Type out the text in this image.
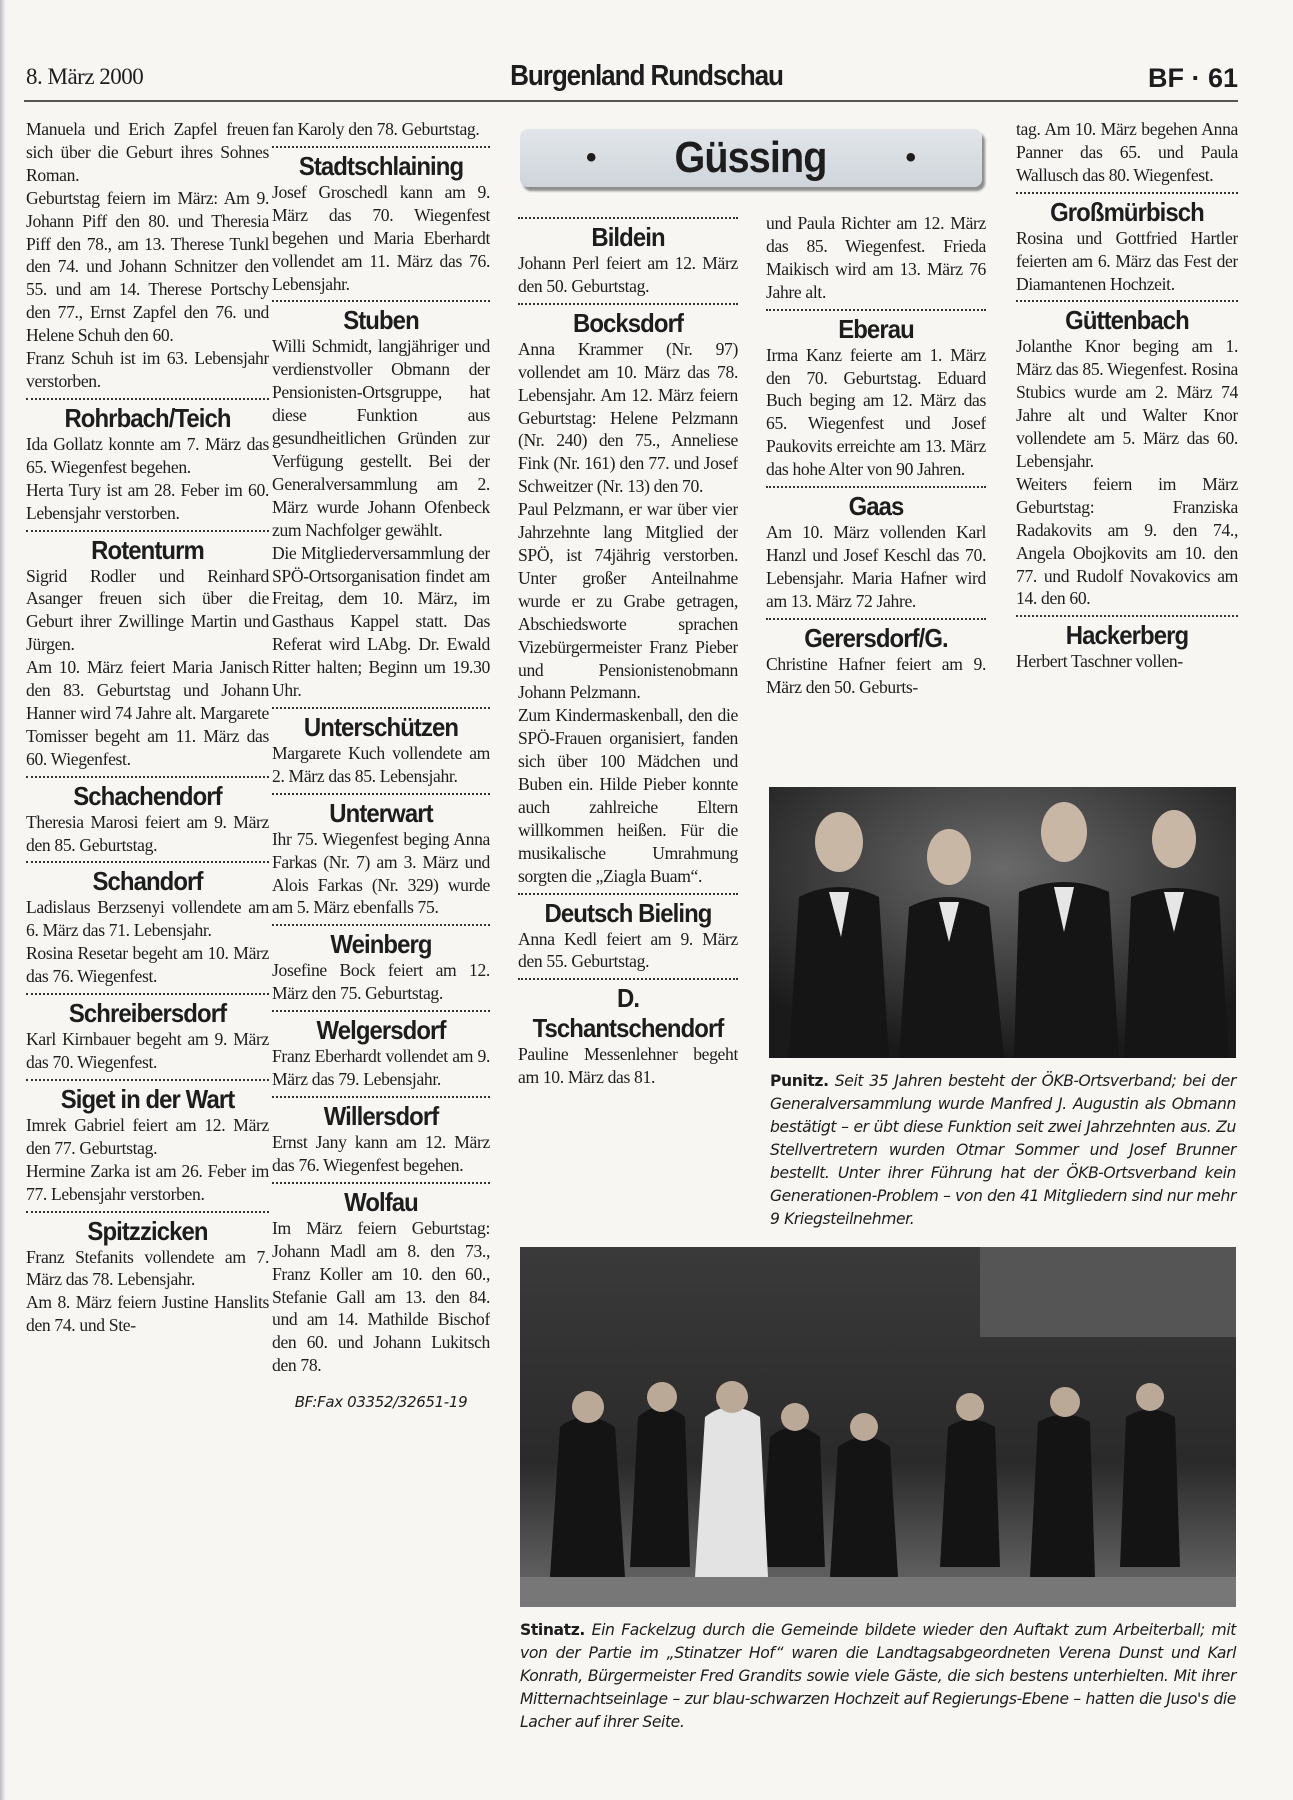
8. März 2000	Burgenland Rundschau	BF · 61
• Güssing	•

Manuela und Erich Zapfel freuen sich über die Geburt ihres Sohnes Roman.

Geburtstag feiern im März: Am 9. Johann Piff den 80. und Theresia Piff den 78., am 13. Therese Tunkl den 74. und Johann Schnitzer den 55. und am 14. Therese Portschy den 77., Ernst Zapfel den 76. und Helene Schuh den 60.

Franz Schuh ist im 63. Lebensjahr verstorben.

Rohrbach/Teich

Ida Gollatz konnte am 7. März das 65. Wiegenfest begehen.

Herta Tury ist am 28. Feber im 60. Lebensjahr verstorben.

Rotenturm

Sigrid Rodler und Reinhard Asanger freuen sich über die Geburt ihrer Zwillinge Martin und Jürgen.

Am 10. März feiert Maria Janisch den 83. Geburtstag und Johann Hanner wird 74 Jahre alt. Margarete Tomisser begeht am 11. März das 60. Wiegenfest.

Schachendorf

Theresia Marosi feiert am 9. März den 85. Geburtstag.

Schandorf

Ladislaus Berzsenyi vollendete am 6. März das 71. Lebensjahr.

Rosina Resetar begeht am 10. März das 76. Wiegenfest.

Schreibersdorf

Karl Kirnbauer begeht am 9. März das 70. Wiegenfest.

Siget in der Wart

Imrek Gabriel feiert am 12. März den 77. Geburtstag.

Hermine Zarka ist am 26. Feber im 77. Lebensjahr verstorben.

Spitzzicken

Franz Stefanits vollendete am 7. März das 78. Lebensjahr.

Am 8. März feiern Justine Hanslits den 74. und Ste-

fan Karoly den 78. Geburtstag.

Stadtschlaining

Josef Groschedl kann am 9. März das 70. Wiegenfest begehen und Maria Eberhardt vollendet am 11. März das 76. Lebensjahr.

Stuben

Willi Schmidt, langjähriger und verdienstvoller Obmann der Pensionisten-Ortsgruppe, hat diese Funktion aus gesundheitlichen Gründen zur Verfügung gestellt. Bei der Generalversammlung am 2. März wurde Johann Ofenbeck zum Nachfolger gewählt.

Die Mitgliederversammlung der SPÖ-Ortsorganisation findet am Freitag, dem 10. März, im Gasthaus Kappel statt. Das Referat wird LAbg. Dr. Ewald Ritter halten; Beginn um 19.30 Uhr.

Unterschützen

Margarete Kuch vollendete am 2. März das 85. Lebensjahr.

Unterwart

Ihr 75. Wiegenfest beging Anna Farkas (Nr. 7) am 3. März und Alois Farkas (Nr. 329) wurde am 5. März ebenfalls 75.

Weinberg

Josefine Bock feiert am 12. März den 75. Geburtstag.

Welgersdorf

Franz Eberhardt vollendet am 9. März das 79. Lebensjahr.

Willersdorf

Ernst Jany kann am 12. März das 76. Wiegenfest begehen.

Wolfau

Im März feiern Geburtstag: Johann Madl am 8. den 73., Franz Koller am 10. den 60., Stefanie Gall am 13. den 84. und am 14. Mathilde Bischof den 60. und Johann Lukitsch den 78.

BF:Fax 03352/32651-19
Bildein

Johann Perl feiert am 12. März den 50. Geburtstag.

Bocksdorf

Anna Krammer (Nr. 97) vollendet am 10. März das 78. Lebensjahr. Am 12. März feiern Geburtstag: Helene Pelzmann (Nr. 240) den 75., Anneliese Fink (Nr. 161) den 77. und Josef Schweitzer (Nr. 13) den 70.

Paul Pelzmann, er war über vier Jahrzehnte lang Mitglied der SPÖ, ist 74jährig verstorben. Unter großer Anteilnahme wurde er zu Grabe getragen, Abschiedsworte sprachen Vizebürgermeister Franz Pieber und Pensionistenobmann Johann Pelzmann.

Zum Kindermaskenball, den die SPÖ-Frauen organisiert, fanden sich über 100 Mädchen und Buben ein. Hilde Pieber konnte auch zahlreiche Eltern willkommen heißen. Für die musikalische Umrahmung sorgten die „Ziagla Buam“.

Deutsch Bieling

Anna Kedl feiert am 9. März den 55. Geburtstag.

D. Tschantschendorf

Pauline Messenlehner begeht am 10. März das 81.

und Paula Richter am 12. März das 85. Wiegenfest. Frieda Maikisch wird am 13. März 76 Jahre alt.

Eberau

Irma Kanz feierte am 1. März den 70. Geburtstag. Eduard Buch beging am 12. März das 65. Wiegenfest und Josef Paukovits erreichte am 13. März das hohe Alter von 90 Jahren.

Gaas

Am 10. März vollenden Karl Hanzl und Josef Keschl das 70. Lebensjahr. Maria Hafner wird am 13. März 72 Jahre.

Gerersdorf/G.

Christine Hafner feiert am 9. März den 50. Geburts-

tag. Am 10. März begehen Anna Panner das 65. und Paula Wallusch das 80. Wiegenfest.

Großmürbisch

Rosina und Gottfried Hartler feierten am 6. März das Fest der Diamantenen Hochzeit.

Güttenbach

Jolanthe Knor beging am 1. März das 85. Wiegenfest. Rosina Stubics wurde am 2. März 74 Jahre alt und Walter Knor vollendete am 5. März das 60. Lebensjahr.

Weiters feiern im März Geburtstag: Franziska Radakovits am 9. den 74., Angela Obojkovits am 10. den 77. und Rudolf Novakovics am 14. den 60.

Hackerberg

Herbert Taschner vollen-

Punitz. Seit 35 Jahren besteht der ÖKB-Ortsverband; bei der Generalversammlung wurde Manfred J. Augustin als Obmann bestätigt – er übt diese Funktion seit zwei Jahrzehnten aus. Zu Stellvertretern wurden Otmar Sommer und Josef Brunner bestellt. Unter ihrer Führung hat der ÖKB-Ortsverband kein Generationen-Problem – von den 41 Mitgliedern sind nur mehr 9 Kriegsteilnehmer.
Stinatz. Ein Fackelzug durch die Gemeinde bildete wieder den Auftakt zum Arbeiterball; mit von der Partie im „Stinatzer Hof“ waren die Landtagsabgeordneten Verena Dunst und Karl Konrath, Bürgermeister Fred Grandits sowie viele Gäste, die sich bestens unterhielten. Mit ihrer Mitternachtseinlage – zur blau-schwarzen Hochzeit auf Regierungs-Ebene – hatten die Juso's die Lacher auf ihrer Seite.
